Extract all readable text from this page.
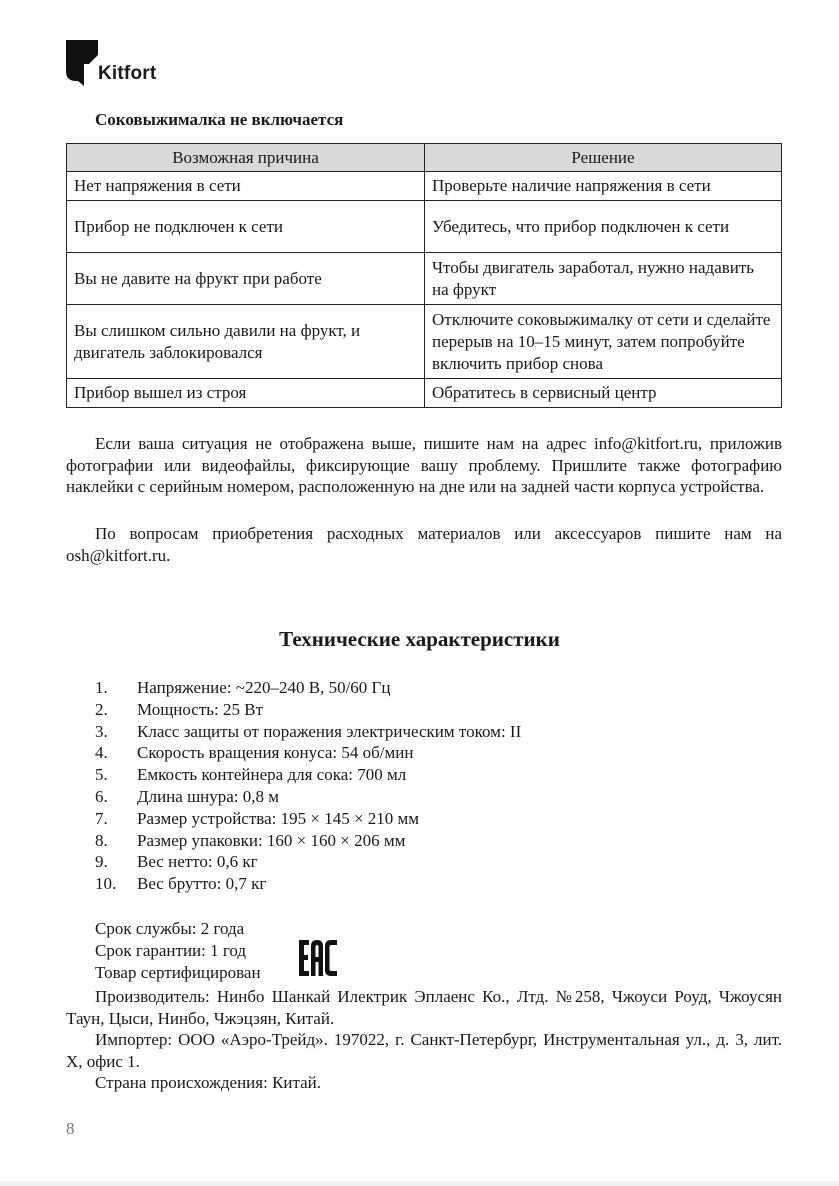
Kitfort
Соковыжималка не включается
Возможная причина	Решение
Нет напряжения в сети	Проверьте наличие напряжения в сети
Прибор не подключен к сети	Убедитесь, что прибор подключен к сети
Вы не давите на фрукт при работе	Чтобы двигатель заработал, нужно надавить на фрукт
Вы слишком сильно давили на фрукт, и двигатель заблокировался	Отключите соковыжималку от сети и сделайте перерыв на 10–15 минут, затем попробуйте включить прибор снова
Прибор вышел из строя	Обратитесь в сервисный центр
Если ваша ситуация не отображена выше, пишите нам на адрес info@kitfort.ru, приложив фотографии или видеофайлы, фиксирующие вашу проблему. Пришлите также фотографию наклейки с серийным номером, расположенную на дне или на задней части корпуса устройства.
По вопросам приобретения расходных материалов или аксессуаров пишите нам на osh@kitfort.ru.
Технические характеристики
1.	Напряжение: ~220–240 В, 50/60 Гц
2.	Мощность: 25 Вт
3.	Класс защиты от поражения электрическим током: II
4.	Скорость вращения конуса: 54 об/мин
5.	Емкость контейнера для сока: 700 мл
6.	Длина шнура: 0,8 м
7.	Размер устройства: 195 × 145 × 210 мм
8.	Размер упаковки: 160 × 160 × 206 мм
9.	Вес нетто: 0,6 кг
10.	Вес брутто: 0,7 кг
Срок службы: 2 года
Срок гарантии: 1 год
Товар сертифицирован
Производитель: Нинбо Шанкай Илектрик Эплаенс Ко., Лтд. №258, Чжоуси Роуд, Чжоусян Таун, Цыси, Нинбо, Чжэцзян, Китай.
Импортер: ООО «Аэро-Трейд». 197022, г. Санкт-Петербург, Инструментальная ул., д. 3, лит. Х, офис 1.
Страна происхождения: Китай.
8
